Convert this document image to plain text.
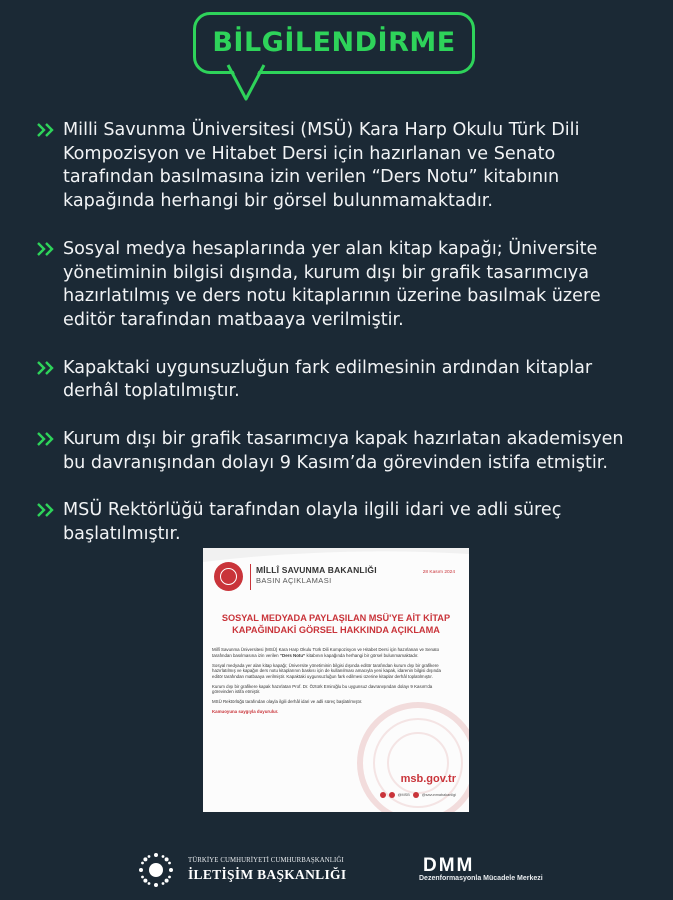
BİLGİLENDİRME

Milli Savunma Üniversitesi (MSÜ) Kara Harp Okulu Türk Dili Kompozisyon ve Hitabet Dersi için hazırlanan ve Senato tarafından basılmasına izin verilen “Ders Notu” kitabının kapağında herhangi bir görsel bulunmamaktadır.

Sosyal medya hesaplarında yer alan kitap kapağı; Üniversite yönetiminin bilgisi dışında, kurum dışı bir grafik tasarımcıya hazırlatılmış ve ders notu kitaplarının üzerine basılmak üzere editör tarafından matbaaya verilmiştir.

Kapaktaki uygunsuzluğun fark edilmesinin ardından kitaplar derhâl toplatılmıştır.

Kurum dışı bir grafik tasarımcıya kapak hazırlatan akademisyen bu davranışından dolayı 9 Kasım’da görevinden istifa etmiştir.

MSÜ Rektörlüğü tarafından olayla ilgili idari ve adli süreç başlatılmıştır.

MİLLÎ SAVUNMA BAKANLIĞI
BASIN AÇIKLAMASI
28 Kasım 2024
SOSYAL MEDYADA PAYLAŞILAN MSÜ'YE AİT KİTAP
KAPAĞINDAKİ GÖRSEL HAKKINDA AÇIKLAMA

Millî Savunma Üniversitesi (MSÜ) Kara Harp Okulu Türk Dili Kompozisyon ve Hitabet Dersi için hazırlanan ve Senato tarafından basılmasına izin verilen “Ders Notu” kitabının kapağında herhangi bir görsel bulunmamaktadır.

Sosyal medyada yer alan kitap kapağı; Üniversite yönetiminin bilgisi dışında editör tarafından kurum dışı bir grafikere hazırlatılmış ve kapağın ders notu kitaplarının baskısı için de kullanılması amacıyla yeni kapak, idarenin bilgisi dışında editör tarafından matbaaya verilmiştir. Kapaktaki uygunsuzluğun fark edilmesi üzerine kitaplar derhâl toplatılmıştır.

Kurum dışı bir grafikere kapak hazırlatan Prof. Dr. Öztürk Emiroğlu bu uygunsuz davranışından dolayı 9 Kasım'da görevinden istifa etmiştir.

MSÜ Rektörlüğü tarafından olayla ilgili derhâl idari ve adli süreç başlatılmıştır.

Kamuoyuna saygıyla duyurulur.

msb.gov.tr
@MSB	@savunmabakanligi
TÜRKİYE CUMHURİYETİ CUMHURBAŞKANLIĞI
İLETİŞİM BAŞKANLIĞI	DMM
Dezenformasyonla Mücadele Merkezi
